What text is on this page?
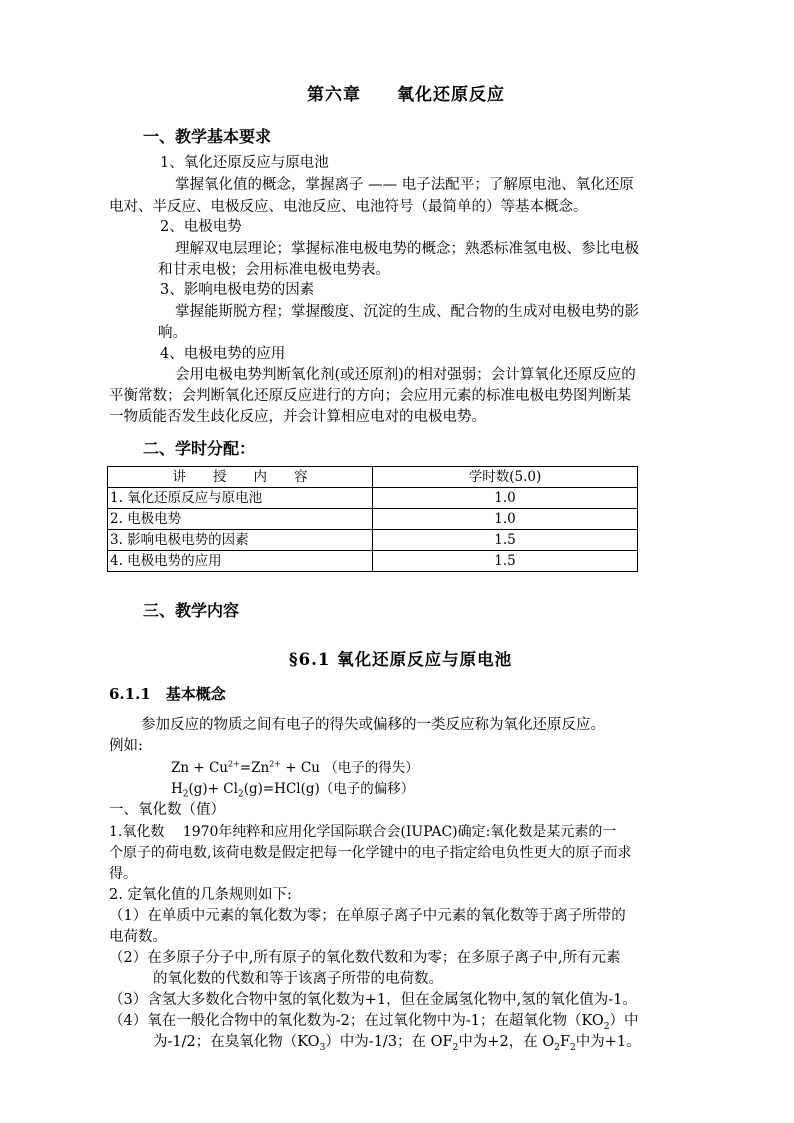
第六章　　氧化还原反应
一、教学基本要求
1、氧化还原反应与原电池
掌握氧化值的概念，掌握离子 —— 电子法配平；了解原电池、氧化还原
电对、半反应、电极反应、电池反应、电池符号（最简单的）等基本概念。
2、电极电势
理解双电层理论；掌握标准电极电势的概念；熟悉标准氢电极、参比电极
和甘汞电极；会用标准电极电势表。
3、影响电极电势的因素
掌握能斯脱方程；掌握酸度、沉淀的生成、配合物的生成对电极电势的影
响。
4、电极电势的应用
会用电极电势判断氧化剂(或还原剂)的相对强弱；会计算氧化还原反应的
平衡常数；会判断氧化还原反应进行的方向；会应用元素的标准电极电势图判断某
一物质能否发生歧化反应，并会计算相应电对的电极电势。
二、学时分配：
讲　　授　　内　　容	学时数(5.0)
1. 氧化还原反应与原电池	1.0
2. 电极电势	1.0
3. 影响电极电势的因素	1.5
4. 电极电势的应用	1.5
三、教学内容
§6.1 氧化还原反应与原电池
6.1.1　基本概念
参加反应的物质之间有电子的得失或偏移的一类反应称为氧化还原反应。
例如:
$Zn + Cu^{2+}=Zn^{2+} + Cu$ （电子的得失）
$H_2(g)+ Cl_2(g)=HCl(g)$（电子的偏移）
一、氧化数（值）
1.氧化数　 1970年纯粹和应用化学国际联合会(IUPAC)确定:氧化数是某元素的一
个原子的荷电数,该荷电数是假定把每一化学键中的电子指定给电负性更大的原子而求
得。
2. 定氧化值的几条规则如下:
（1）在单质中元素的氧化数为零；在单原子离子中元素的氧化数等于离子所带的
电荷数。
（2）在多原子分子中,所有原子的氧化数代数和为零；在多原子离子中,所有元素
的氧化数的代数和等于该离子所带的电荷数。
（3）含氢大多数化合物中氢的氧化数为+1，但在金属氢化物中,氢的氧化值为-1。
（4）氧在一般化合物中的氧化数为-2；在过氧化物中为-1；在超氧化物$(KO_2)$中
为-1/2；在臭氧化物$(KO_3)$中为-1/3；在 $OF_2$中为+2，在 $O_2F_2$中为+1。
